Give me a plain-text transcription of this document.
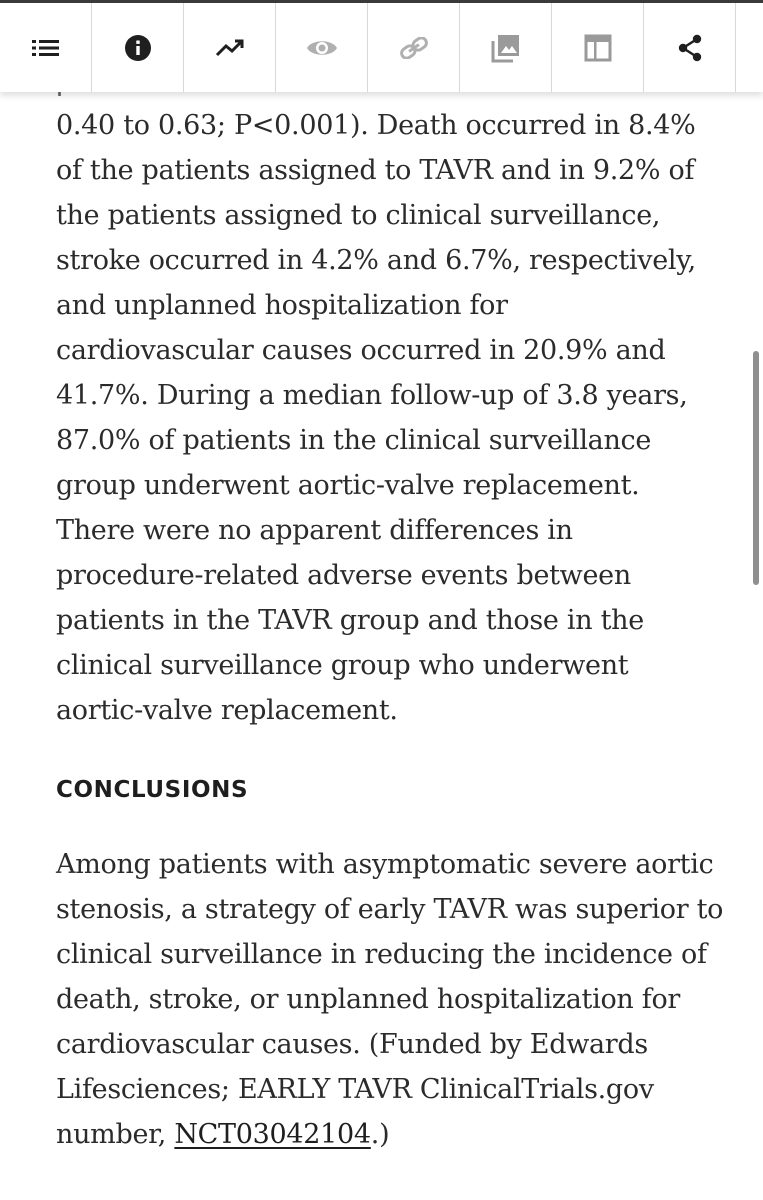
0.40 to 0.63; P<0.001). Death occurred in 8.4%
of the patients assigned to TAVR and in 9.2% of
the patients assigned to clinical surveillance,
stroke occurred in 4.2% and 6.7%, respectively,
and unplanned hospitalization for
cardiovascular causes occurred in 20.9% and
41.7%. During a median follow-up of 3.8 years,
87.0% of patients in the clinical surveillance
group underwent aortic-valve replacement.
There were no apparent differences in
procedure-related adverse events between
patients in the TAVR group and those in the
clinical surveillance group who underwent
aortic-valve replacement.

CONCLUSIONS

Among patients with asymptomatic severe aortic
stenosis, a strategy of early TAVR was superior to
clinical surveillance in reducing the incidence of
death, stroke, or unplanned hospitalization for
cardiovascular causes. (Funded by Edwards
Lifesciences; EARLY TAVR ClinicalTrials.gov
number, NCT03042104.)
